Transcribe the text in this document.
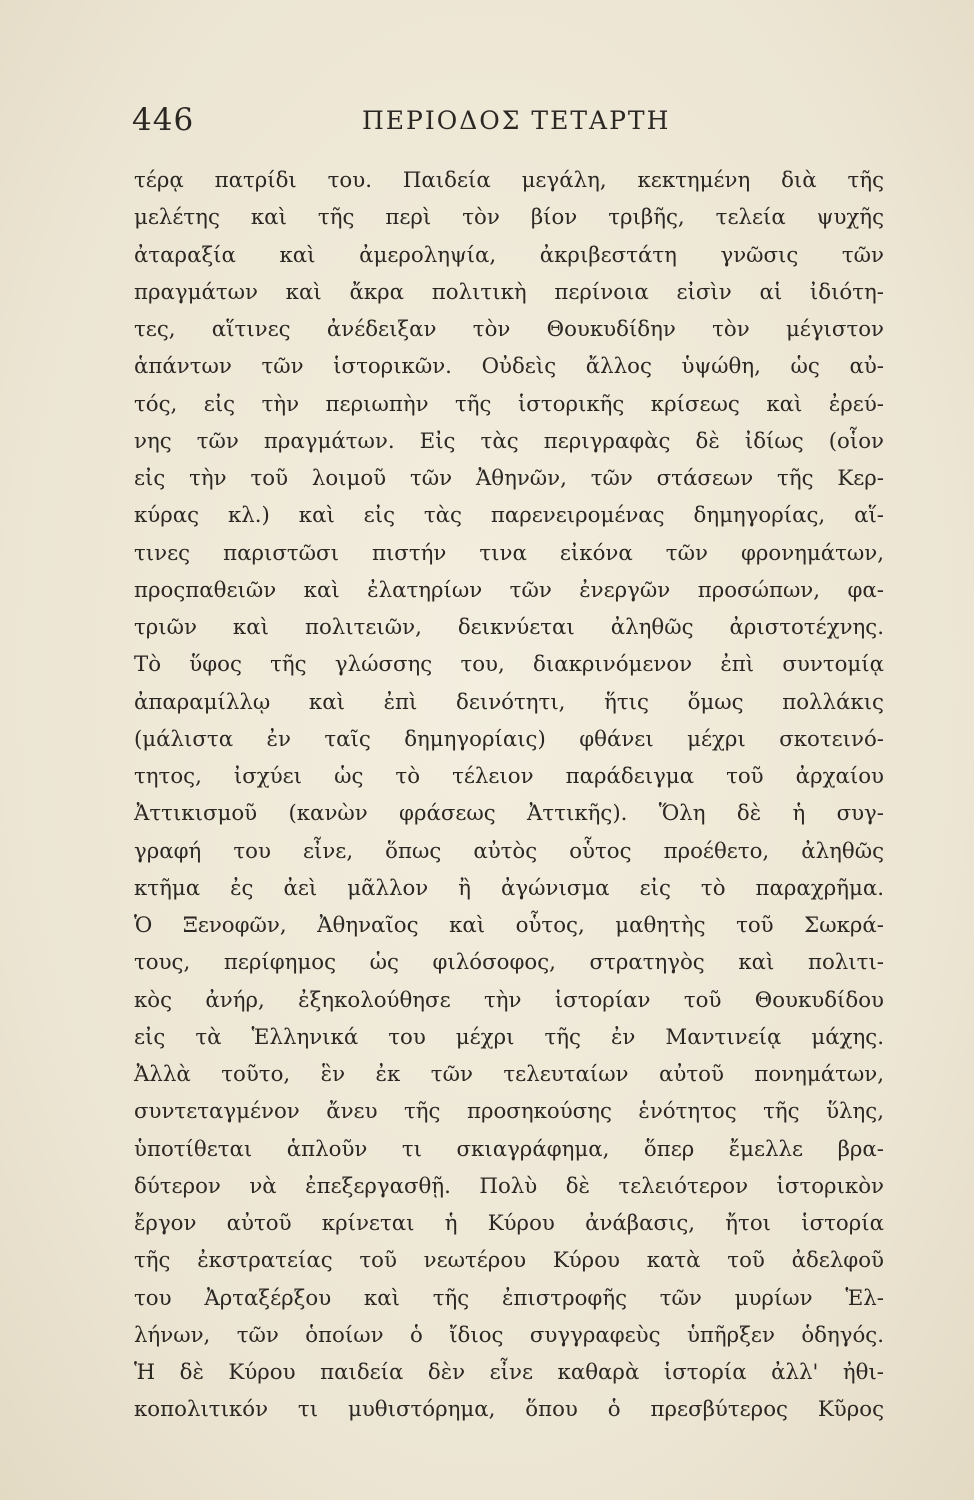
446	ΠΕΡΙΟΔΟΣ ΤΕΤΑΡΤΗ
τέρᾳ πατρίδι του. Παιδεία μεγάλη, κεκτημένη διὰ τῆς
μελέτης καὶ τῆς περὶ τὸν βίον τριβῆς, τελεία ψυχῆς
ἀταραξία καὶ ἀμεροληψία, ἀκριβεστάτη γνῶσις τῶν
πραγμάτων καὶ ἄκρα πολιτικὴ περίνοια εἰσὶν αἱ ἰδιότη-
τες, αἵτινες ἀνέδειξαν τὸν Θουκυδίδην τὸν μέγιστον
ἁπάντων τῶν ἱστορικῶν. Οὐδεὶς ἄλλος ὑψώθη, ὡς αὐ-
τός, εἰς τὴν περιωπὴν τῆς ἱστορικῆς κρίσεως καὶ ἐρεύ-
νης τῶν πραγμάτων. Εἰς τὰς περιγραφὰς δὲ ἰδίως (οἷον
εἰς τὴν τοῦ λοιμοῦ τῶν Ἀθηνῶν, τῶν στάσεων τῆς Κερ-
κύρας κλ.) καὶ εἰς τὰς παρενειρομένας δημηγορίας, αἵ-
τινες παριστῶσι πιστήν τινα εἰκόνα τῶν φρονημάτων,
προςπαθειῶν καὶ ἐλατηρίων τῶν ἐνεργῶν προσώπων, φα-
τριῶν καὶ πολιτειῶν, δεικνύεται ἀληθῶς ἀριστοτέχνης.
Τὸ ὕφος τῆς γλώσσης του, διακρινόμενον ἐπὶ συντομίᾳ
ἀπαραμίλλῳ καὶ ἐπὶ δεινότητι, ἥτις ὅμως πολλάκις
(μάλιστα ἐν ταῖς δημηγορίαις) φθάνει μέχρι σκοτεινό-
τητος, ἰσχύει ὡς τὸ τέλειον παράδειγμα τοῦ ἀρχαίου
Ἀττικισμοῦ (κανὼν φράσεως Ἀττικῆς). Ὅλη δὲ ἡ συγ-
γραφή του εἶνε, ὅπως αὐτὸς οὗτος προέθετο, ἀληθῶς
κτῆμα ἐς ἀεὶ μᾶλλον ἢ ἀγώνισμα εἰς τὸ παραχρῆμα.
Ὁ Ξενοφῶν, Ἀθηναῖος καὶ οὗτος, μαθητὴς τοῦ Σωκρά-
τους, περίφημος ὡς φιλόσοφος, στρατηγὸς καὶ πολιτι-
κὸς ἀνήρ, ἐξηκολούθησε τὴν ἱστορίαν τοῦ Θουκυδίδου
εἰς τὰ Ἑλληνικά του μέχρι τῆς ἐν Μαντινείᾳ μάχης.
Ἀλλὰ τοῦτο, ἓν ἐκ τῶν τελευταίων αὐτοῦ πονημάτων,
συντεταγμένον ἄνευ τῆς προσηκούσης ἑνότητος τῆς ὕλης,
ὑποτίθεται ἁπλοῦν τι σκιαγράφημα, ὅπερ ἔμελλε βρα-
δύτερον νὰ ἐπεξεργασθῇ. Πολὺ δὲ τελειότερον ἱστορικὸν
ἔργον αὐτοῦ κρίνεται ἡ Κύρου ἀνάβασις, ἤτοι ἱστορία
τῆς ἐκστρατείας τοῦ νεωτέρου Κύρου κατὰ τοῦ ἀδελφοῦ
του Ἀρταξέρξου καὶ τῆς ἐπιστροφῆς τῶν μυρίων Ἑλ-
λήνων, τῶν ὁποίων ὁ ἴδιος συγγραφεὺς ὑπῆρξεν ὁδηγός.
Ἡ δὲ Κύρου παιδεία δὲν εἶνε καθαρὰ ἱστορία ἀλλ' ἠθι-
κοπολιτικόν τι μυθιστόρημα, ὅπου ὁ πρεσβύτερος Κῦρος
